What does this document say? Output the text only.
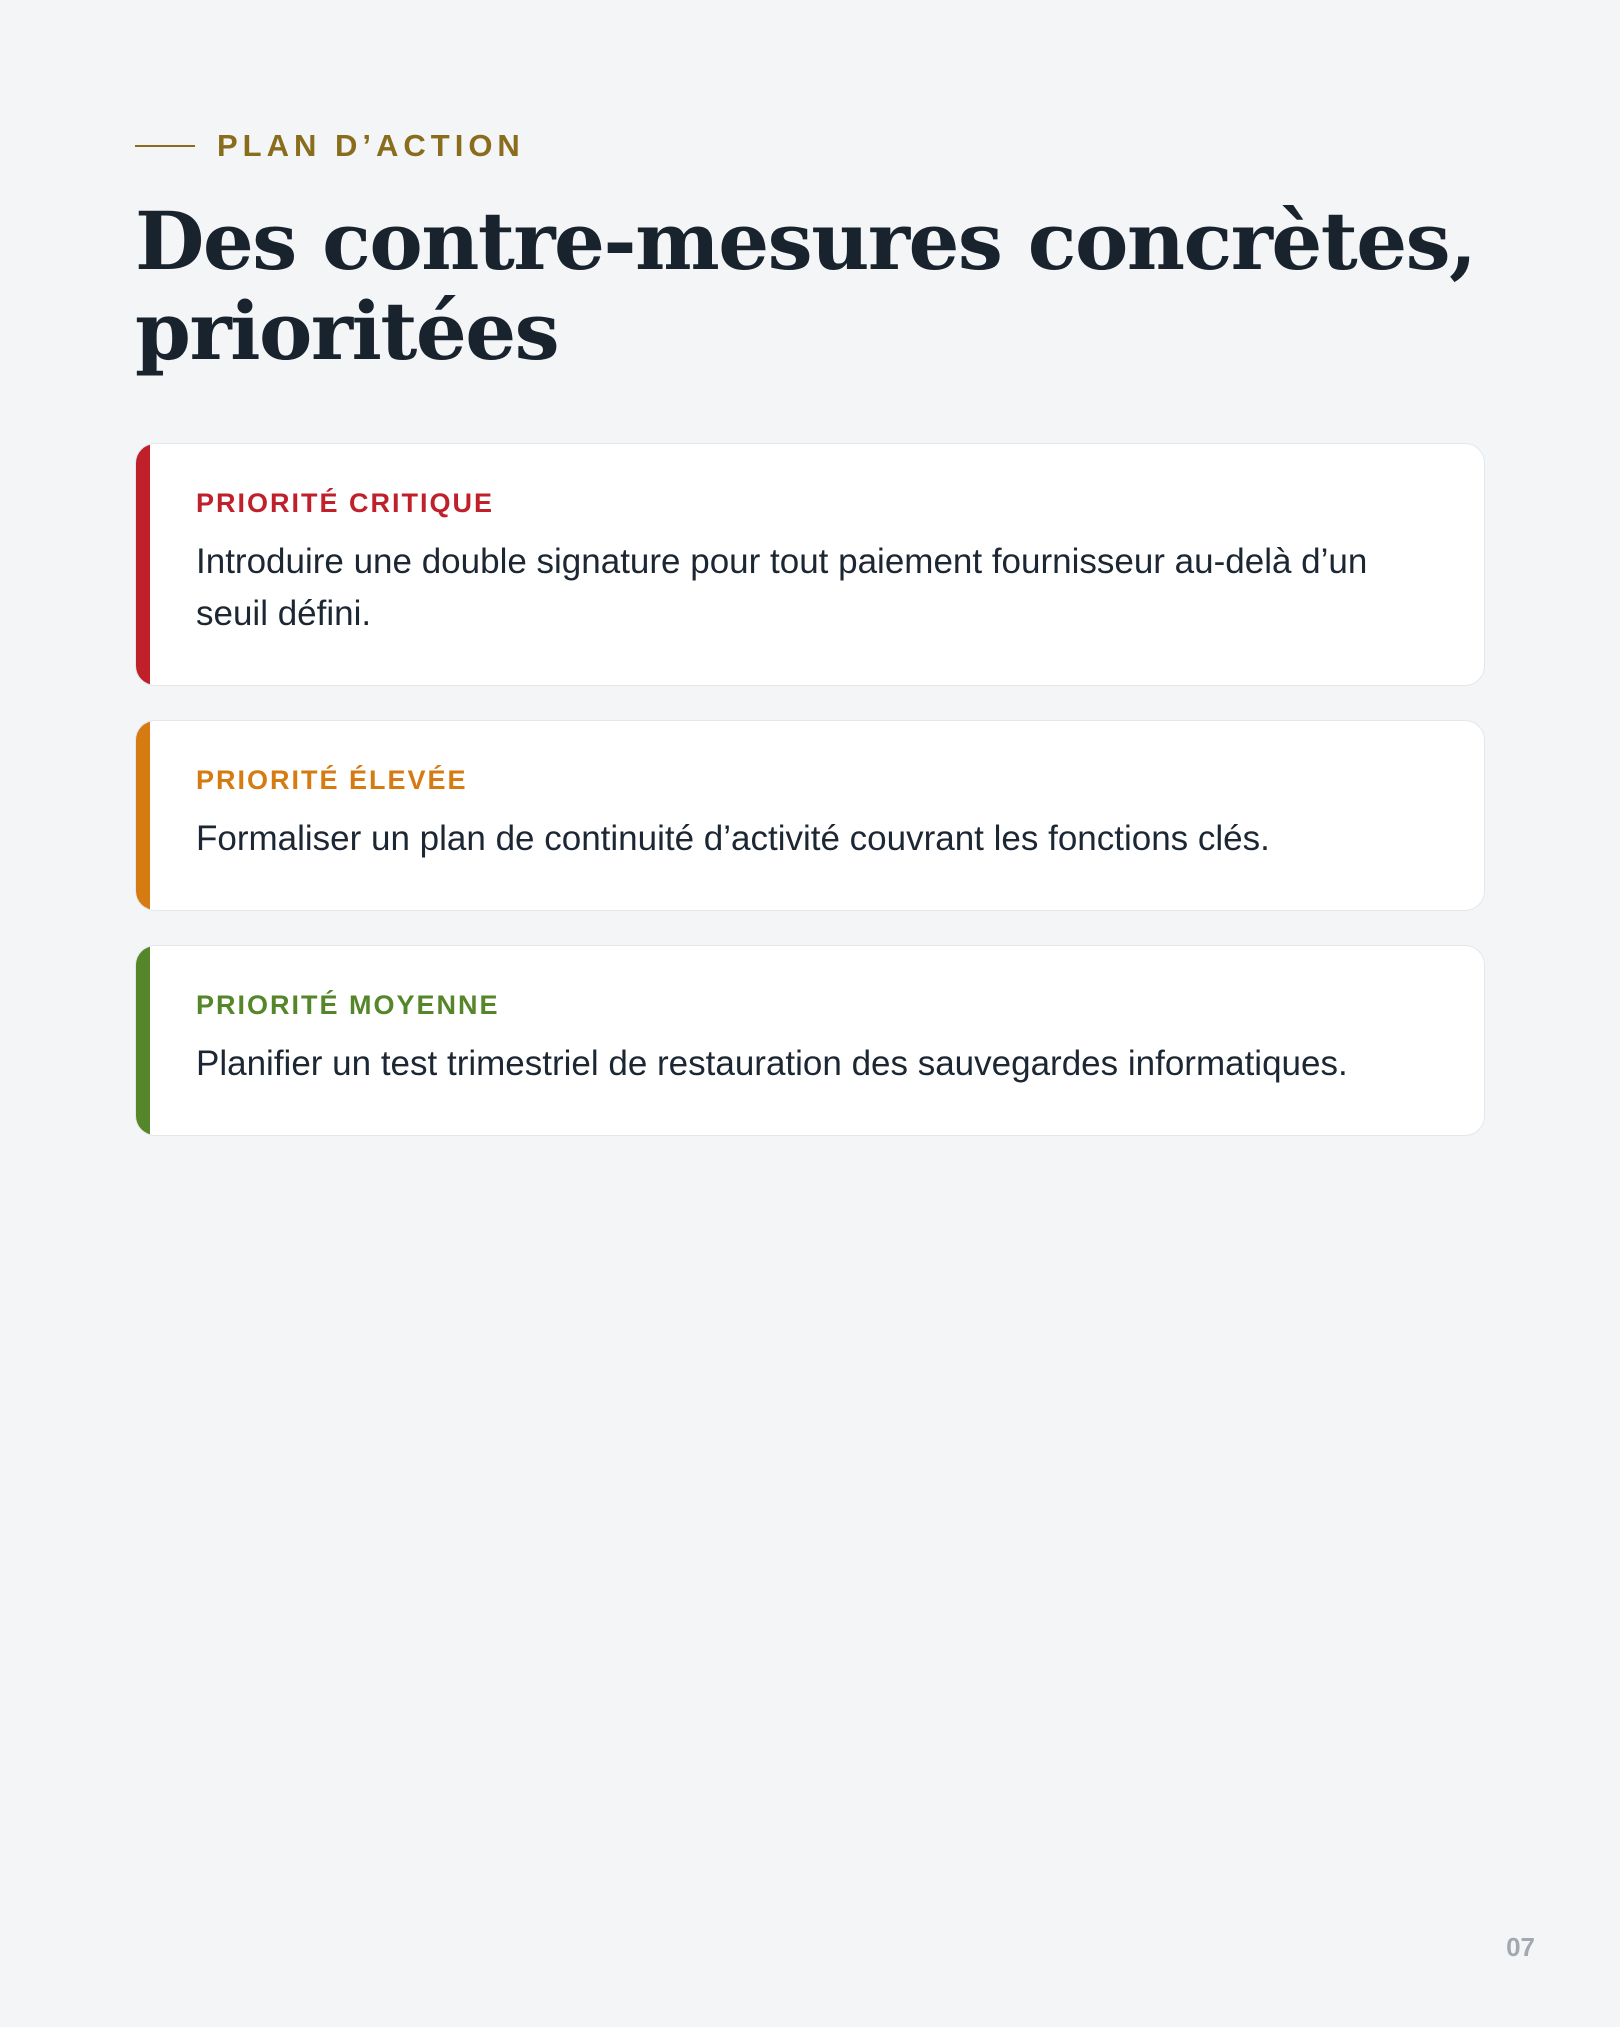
PLAN D’ACTION
Des contre-mesures concrètes, prioritées

PRIORITÉ CRITIQUE

Introduire une double signature pour tout paiement fournisseur au-delà d’un seuil défini.

PRIORITÉ ÉLEVÉE

Formaliser un plan de continuité d’activité couvrant les fonctions clés.

PRIORITÉ MOYENNE

Planifier un test trimestriel de restauration des sauvegardes informatiques.

07
